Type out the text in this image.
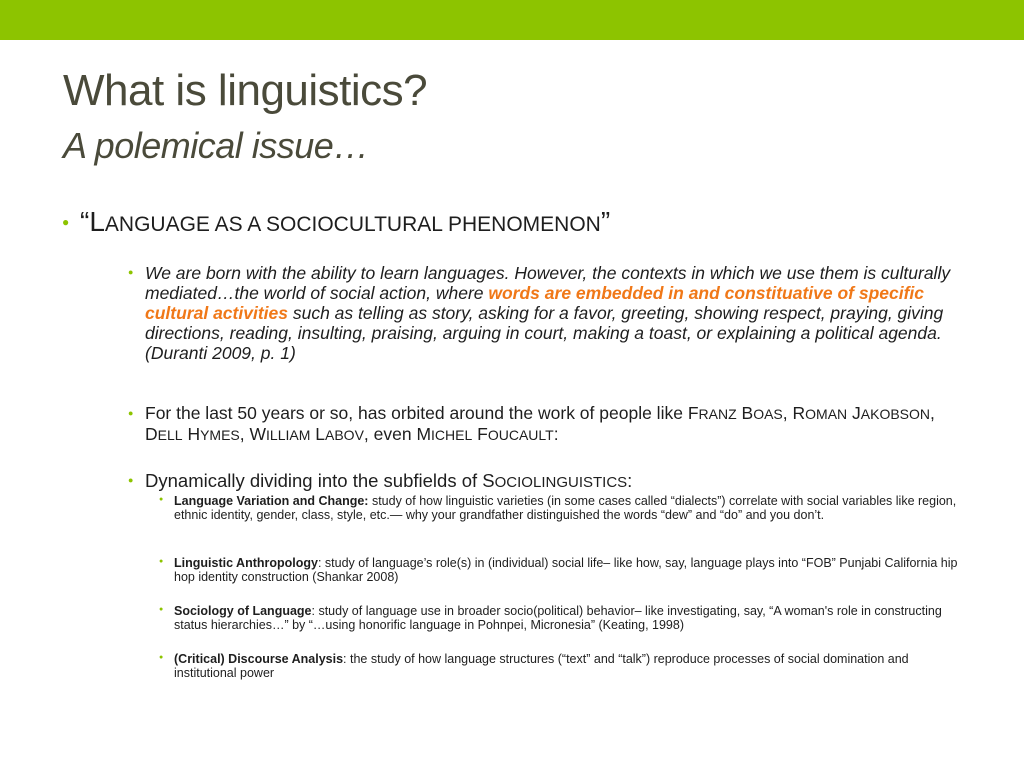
What is linguistics?
A polemical issue…
● “LANGUAGE AS A SOCIOCULTURAL PHENOMENON”
● We are born with the ability to learn languages. However, the contexts in which we use them is culturally mediated…the world of social action, where words are embedded in and constituative of specific cultural activities such as telling as story, asking for a favor, greeting, showing respect, praying, giving directions, reading, insulting, praising, arguing in court, making a toast, or explaining a political agenda. (Duranti 2009, p. 1)
● For the last 50 years or so, has orbited around the work of people like FRANZ BOAS, ROMAN JAKOBSON, DELL HYMES, WILLIAM LABOV, even MICHEL FOUCAULT:
● Dynamically dividing into the subfields of SOCIOLINGUISTICS:
● Language Variation and Change: study of how linguistic varieties (in some cases called “dialects”) correlate with social variables like region, ethnic identity, gender, class, style, etc.— why your grandfather distinguished the words “dew” and “do” and you don’t.
● Linguistic Anthropology: study of language’s role(s) in (individual) social life– like how, say, language plays into “FOB” Punjabi California hip hop identity construction (Shankar 2008)
● Sociology of Language: study of language use in broader socio(political) behavior– like investigating, say, “A woman's role in constructing status hierarchies…” by “…using honorific language in Pohnpei, Micronesia” (Keating, 1998)
● (Critical) Discourse Analysis: the study of how language structures (“text” and “talk”) reproduce processes of social domination and institutional power
